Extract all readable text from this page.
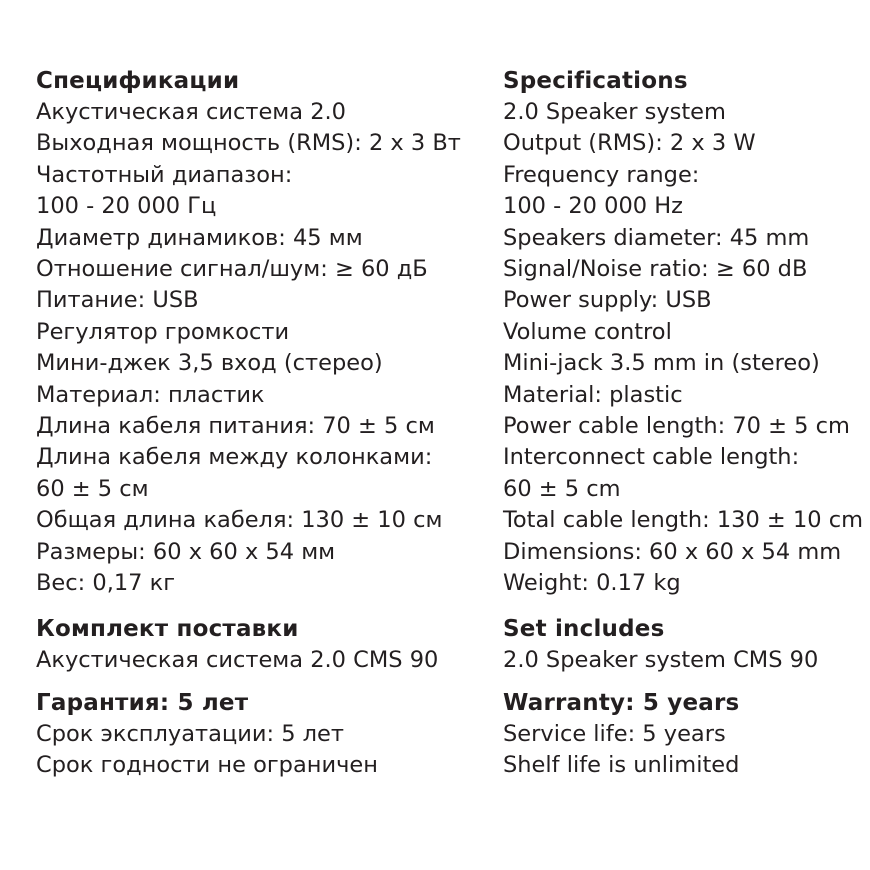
Спецификации
Акустическая система 2.0
Выходная мощность (RMS): 2 х 3 Вт
Частотный диапазон:
100 - 20 000 Гц
Диаметр динамиков: 45 мм
Отношение сигнал/шум: ≥ 60 дБ
Питание: USB
Регулятор громкости
Мини-джек 3,5 вход (стерео)
Материал: пластик
Длина кабеля питания: 70 ± 5 см
Длина кабеля между колонками:
60 ± 5 см
Общая длина кабеля: 130 ± 10 см
Размеры: 60 х 60 х 54 мм
Вес: 0,17 кг
Комплект поставки
Акустическая система 2.0 CMS 90
Гарантия: 5 лет
Срок эксплуатации: 5 лет
Срок годности не ограничен
Specifications
2.0 Speaker system
Output (RMS): 2 x 3 W
Frequency range:
100 - 20 000 Hz
Speakers diameter: 45 mm
Signal/Noise ratio: ≥ 60 dB
Power supply: USB
Volume control
Mini-jack 3.5 mm in (stereo)
Material: plastic
Power cable length: 70 ± 5 cm
Interconnect cable length:
60 ± 5 cm
Total cable length: 130 ± 10 cm
Dimensions: 60 x 60 x 54 mm
Weight: 0.17 kg
Set includes
2.0 Speaker system CMS 90
Warranty: 5 years
Service life: 5 years
Shelf life is unlimited
